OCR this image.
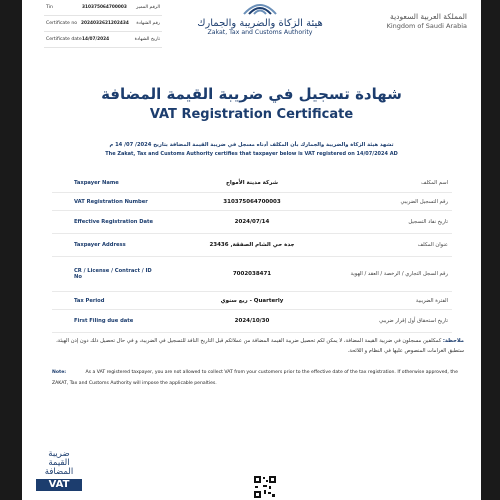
Tin	310375064700003	الرقم المميز
Certificate no 2024032621202434	رقم الشهادة
Certificate date 14/07/2024	تاريخ الشهادة
هيئة الزكاة والضريبة والجمارك
Zakat, Tax and Customs Authority
المملكة العربية السعودية
Kingdom of Saudi Arabia
شهادة تسجيل في ضريبة القيمة المضافة
VAT Registration Certificate
تشهد هيئة الزكاة والضريبة والجمارك بأن المكلف أدناه مسجل في ضريبة القيمة المضافة بتاريخ 2024/ 07/ 14 م
The Zakat, Tax and Customs Authority certifies that taxpayer below is VAT registered on 14/07/2024 AD
Taxpayer Name	شركة مدينة الأمواج	اسم المكلف
VAT Registration Number	310375064700003	رقم التسجيل الضريبي
Effective Registration Date	2024/07/14	تاريخ نفاذ التسجيل
Taxpayer Address	جدة حي الشام الصفقة, 23436	عنوان المكلف
CR / License / Contract / ID No	7002038471	رقم السجل التجاري / الرخصة / العقد / الهوية
Tax Period	ربع سنوي - Quarterly	الفترة الضريبية
First Filing due date	2024/10/30	تاريخ استحقاق أول إقرار ضريبي
ملاحظة: كمكلفين مسجلون في ضريبة القيمة المضافة، لا يمكن لكم تحصيل ضريبة القيمة المضافة من عملائكم قبل التاريخ النافذ للتسجيل في الضريبة، و في حال تحصيل ذلك دون إذن الهيئة، ستطبق الغرامات المنصوص عليها في النظام و اللائحة.
Note:	As a VAT registered taxpayer, you are not allowed to collect VAT from your customers prior to the effective date of the tax registration. If otherwise approved, the ZAKAT, Tax and Customs Authority will impose the applicable penalties.
ضريبة
القيمة
المضافة
VAT
